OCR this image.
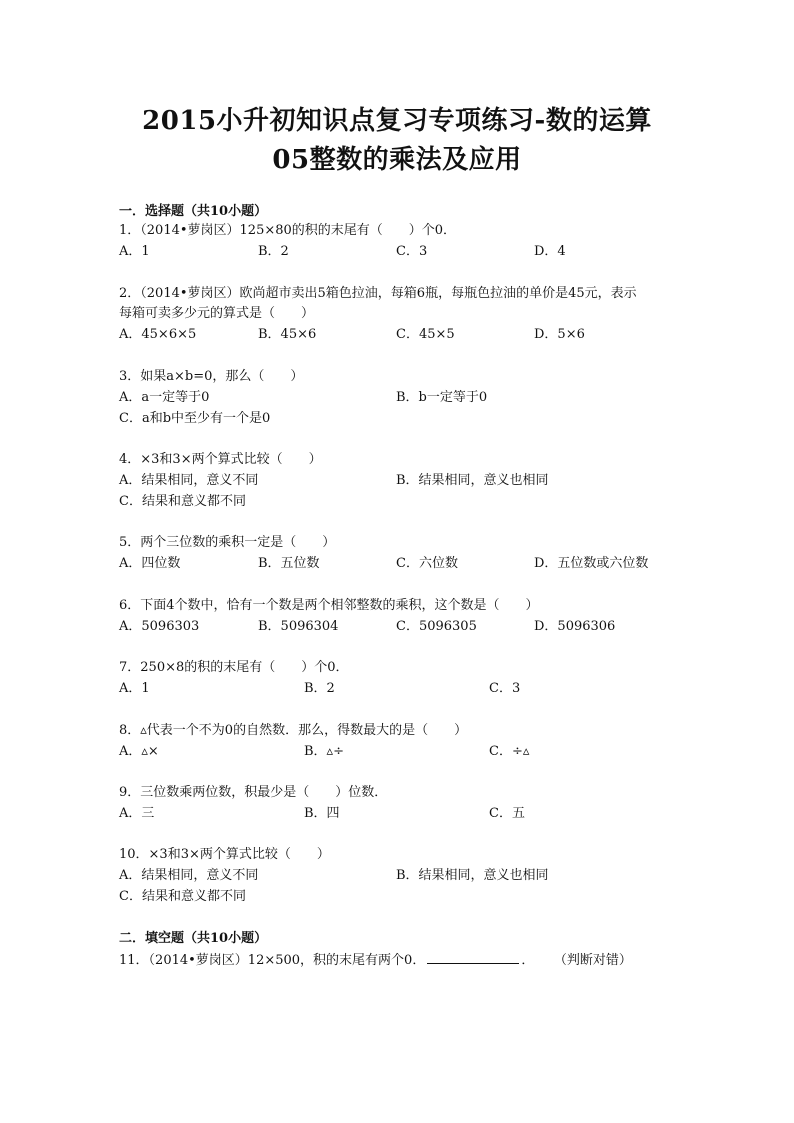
2015小升初知识点复习专项练习-数的运算
05整数的乘法及应用
一．选择题（共10小题）
1．（2014•萝岗区）125×80的积的末尾有（　　）个0．
A．1	B．2	C．3	D．4
2．（2014•萝岗区）欧尚超市卖出5箱色拉油，每箱6瓶，每瓶色拉油的单价是45元，表示
每箱可卖多少元的算式是（　　）
A．45×6×5	B．45×6	C．45×5	D．5×6
3．如果a×b=0，那么（　　）
A．a一定等于0	B．b一定等于0
C．a和b中至少有一个是0
4．×3和3×两个算式比较（　　）
A．结果相同，意义不同	B．结果相同，意义也相同
C．结果和意义都不同
5．两个三位数的乘积一定是（　　）
A．四位数	B．五位数	C．六位数	D．五位数或六位数
6．下面4个数中，恰有一个数是两个相邻整数的乘积，这个数是（　　）
A．5096303	B．5096304	C．5096305	D．5096306
7．250×8的积的末尾有（　　）个0．
A．1	B．2	C．3
8．▵代表一个不为0的自然数．那么，得数最大的是（　　）
A．▵×	B．▵÷	C．÷▵
9．三位数乘两位数，积最少是（　　）位数．
A．三	B．四	C．五
10．×3和3×两个算式比较（　　）
A．结果相同，意义不同	B．结果相同，意义也相同
C．结果和意义都不同
二．填空题（共10小题）
11．（2014•萝岗区）12×500，积的末尾有两个0．	． （判断对错）
